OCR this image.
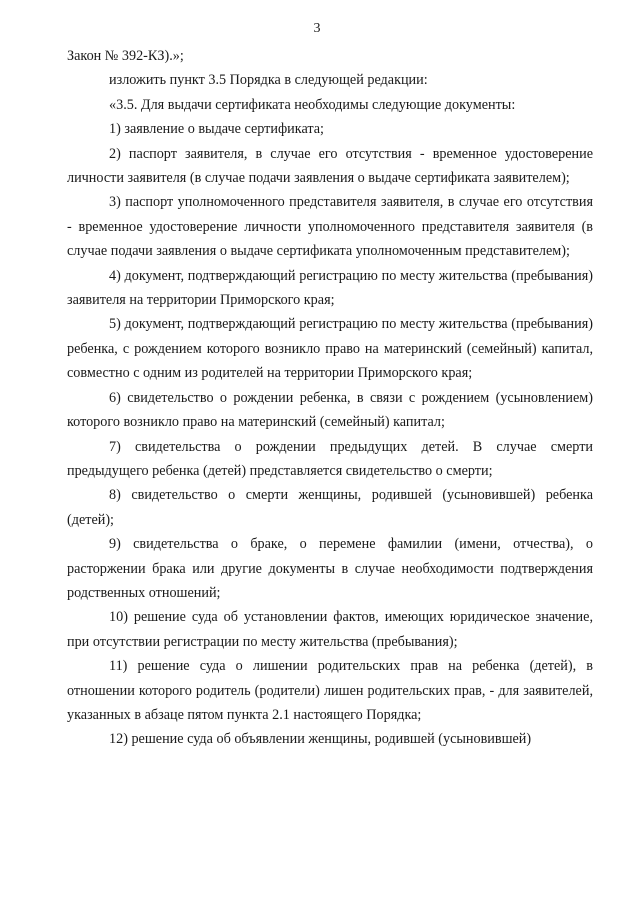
3

Закон № 392-КЗ).»;

изложить пункт 3.5 Порядка в следующей редакции:

«3.5. Для выдачи сертификата необходимы следующие документы:

1) заявление о выдаче сертификата;

2) паспорт заявителя, в случае его отсутствия - временное удостоверение личности заявителя (в случае подачи заявления о выдаче сертификата заявителем);

3) паспорт уполномоченного представителя заявителя, в случае его отсутствия - временное удостоверение личности уполномоченного представителя заявителя (в случае подачи заявления о выдаче сертификата уполномоченным представителем);

4) документ, подтверждающий регистрацию по месту жительства (пребывания) заявителя на территории Приморского края;

5) документ, подтверждающий регистрацию по месту жительства (пребывания) ребенка, с рождением которого возникло право на материнский (семейный) капитал, совместно с одним из родителей на территории Приморского края;

6) свидетельство о рождении ребенка, в связи с рождением (усыновлением) которого возникло право на материнский (семейный) капитал;

7) свидетельства о рождении предыдущих детей. В случае смерти предыдущего ребенка (детей) представляется свидетельство о смерти;

8) свидетельство о смерти женщины, родившей (усыновившей) ребенка (детей);

9) свидетельства о браке, о перемене фамилии (имени, отчества), о расторжении брака или другие документы в случае необходимости подтверждения родственных отношений;

10) решение суда об установлении фактов, имеющих юридическое значение, при отсутствии регистрации по месту жительства (пребывания);

11) решение суда о лишении родительских прав на ребенка (детей), в отношении которого родитель (родители) лишен родительских прав, - для заявителей, указанных в абзаце пятом пункта 2.1 настоящего Порядка;

12) решение суда об объявлении женщины, родившей (усыновившей)
